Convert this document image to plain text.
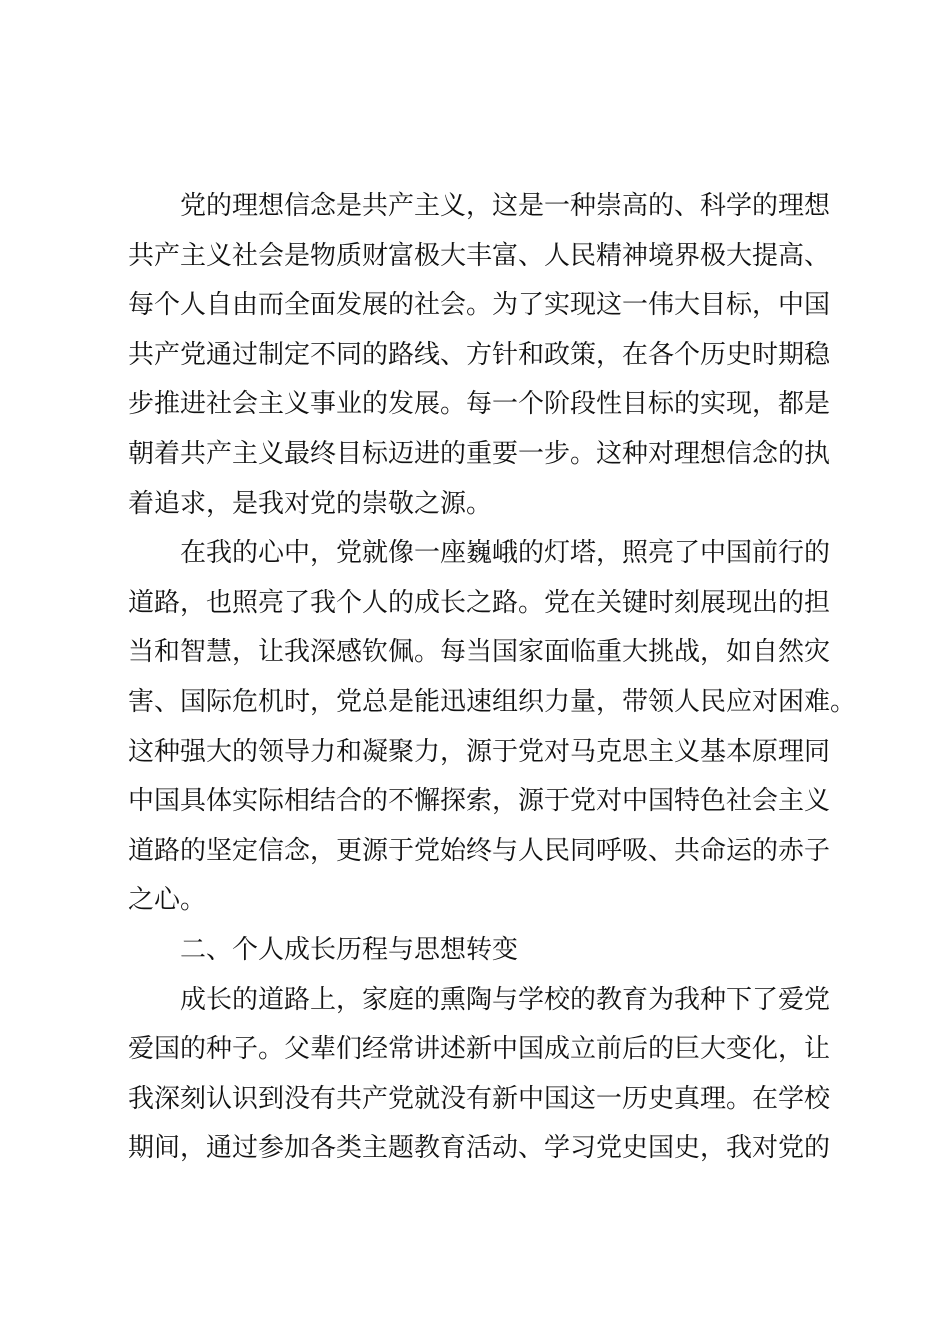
党的理想信念是共产主义，这是一种崇高的、科学的理想
共产主义社会是物质财富极大丰富、人民精神境界极大提高、
每个人自由而全面发展的社会。为了实现这一伟大目标，中国
共产党通过制定不同的路线、方针和政策，在各个历史时期稳
步推进社会主义事业的发展。每一个阶段性目标的实现，都是
朝着共产主义最终目标迈进的重要一步。这种对理想信念的执
着追求，是我对党的崇敬之源。
在我的心中，党就像一座巍峨的灯塔，照亮了中国前行的
道路，也照亮了我个人的成长之路。党在关键时刻展现出的担
当和智慧，让我深感钦佩。每当国家面临重大挑战，如自然灾
害、国际危机时，党总是能迅速组织力量，带领人民应对困难。
这种强大的领导力和凝聚力，源于党对马克思主义基本原理同
中国具体实际相结合的不懈探索，源于党对中国特色社会主义
道路的坚定信念，更源于党始终与人民同呼吸、共命运的赤子
之心。
二、个人成长历程与思想转变
成长的道路上，家庭的熏陶与学校的教育为我种下了爱党
爱国的种子。父辈们经常讲述新中国成立前后的巨大变化，让
我深刻认识到没有共产党就没有新中国这一历史真理。在学校
期间，通过参加各类主题教育活动、学习党史国史，我对党的
